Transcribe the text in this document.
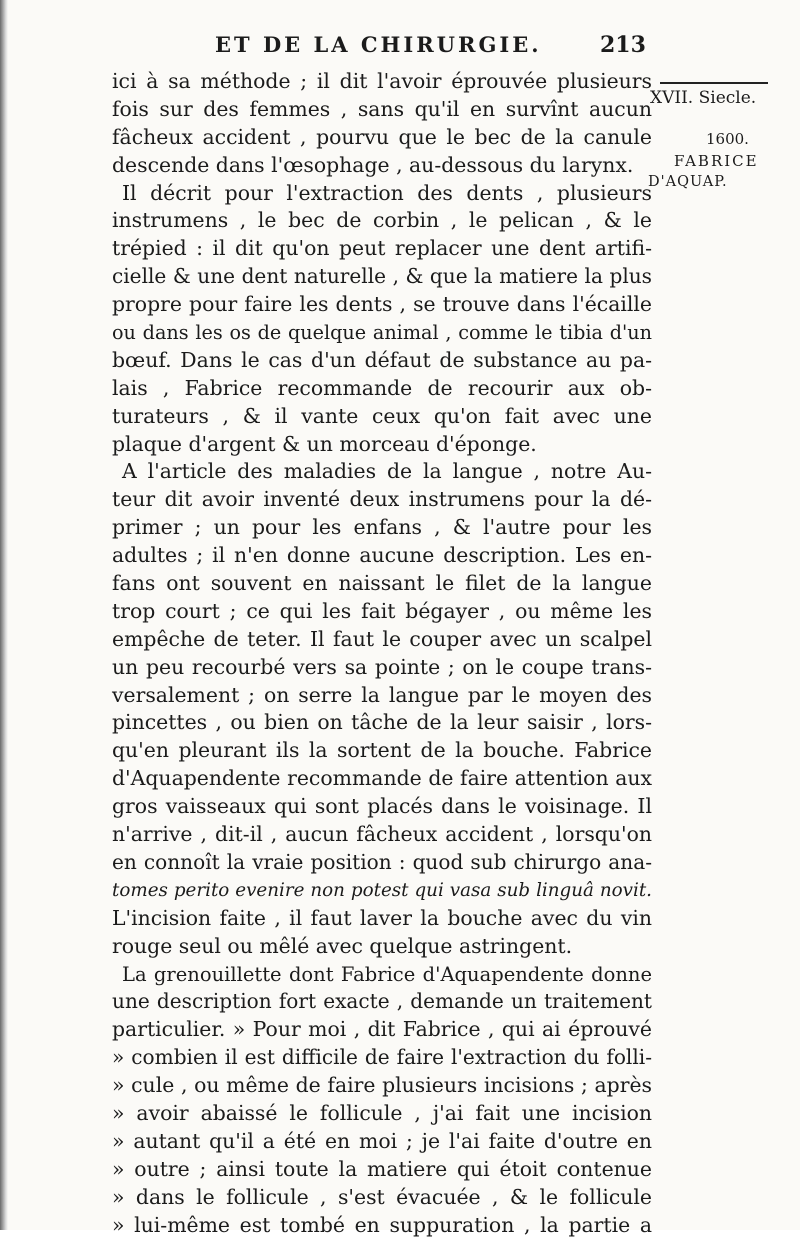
ET DE LA CHIRURGIE.	213
XVII. Siecle.
1600.
FABRICE
D'AQUAP.
ici à sa méthode ; il dit l'avoir éprouvée plusieurs
fois sur des femmes , sans qu'il en survînt aucun
fâcheux accident , pourvu que le bec de la canule
descende dans l'œsophage , au-dessous du larynx.
Il décrit pour l'extraction des dents , plusieurs
instrumens , le bec de corbin , le pelican , & le
trépied : il dit qu'on peut replacer une dent artifi-
cielle & une dent naturelle , & que la matiere la plus
propre pour faire les dents , se trouve dans l'écaille
ou dans les os de quelque animal , comme le tibia d'un
bœuf. Dans le cas d'un défaut de substance au pa-
lais , Fabrice recommande de recourir aux ob-
turateurs , & il vante ceux qu'on fait avec une
plaque d'argent & un morceau d'éponge.
A l'article des maladies de la langue , notre Au-
teur dit avoir inventé deux instrumens pour la dé-
primer ; un pour les enfans , & l'autre pour les
adultes ; il n'en donne aucune description. Les en-
fans ont souvent en naissant le filet de la langue
trop court ; ce qui les fait bégayer , ou même les
empêche de teter. Il faut le couper avec un scalpel
un peu recourbé vers sa pointe ; on le coupe trans-
versalement ; on serre la langue par le moyen des
pincettes , ou bien on tâche de la leur saisir , lors-
qu'en pleurant ils la sortent de la bouche. Fabrice
d'Aquapendente recommande de faire attention aux
gros vaisseaux qui sont placés dans le voisinage. Il
n'arrive , dit-il , aucun fâcheux accident , lorsqu'on
en connoît la vraie position : quod sub chirurgo ana-
tomes perito evenire non potest qui vasa sub linguâ novit.
L'incision faite , il faut laver la bouche avec du vin
rouge seul ou mêlé avec quelque astringent.
La grenouillette dont Fabrice d'Aquapendente donne
une description fort exacte , demande un traitement
particulier. » Pour moi , dit Fabrice , qui ai éprouvé
» combien il est difficile de faire l'extraction du folli-
» cule , ou même de faire plusieurs incisions ; après
» avoir abaissé le follicule , j'ai fait une incision
» autant qu'il a été en moi ; je l'ai faite d'outre en
» outre ; ainsi toute la matiere qui étoit contenue
» dans le follicule , s'est évacuée , & le follicule
» lui-même est tombé en suppuration , la partie a
